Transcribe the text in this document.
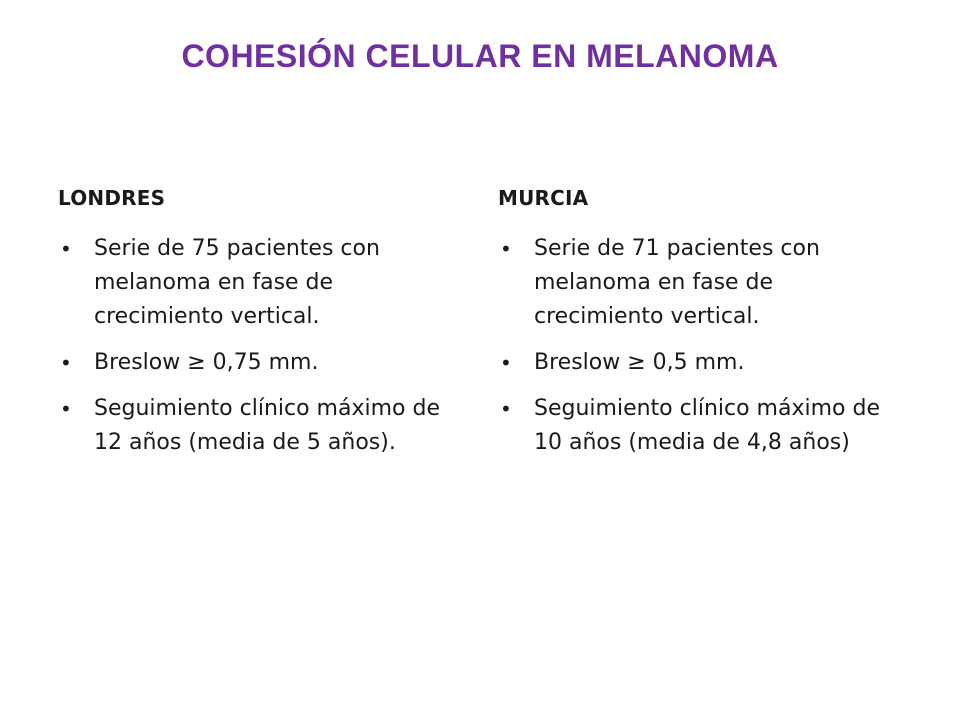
COHESIÓN CELULAR EN MELANOMA
LONDRES
• Serie de 75 pacientes con melanoma en fase de crecimiento vertical.
• Breslow ≥ 0,75 mm.
• Seguimiento clínico máximo de 12 años (media de 5 años).
MURCIA
• Serie de 71 pacientes con melanoma en fase de crecimiento vertical.
• Breslow ≥ 0,5 mm.
• Seguimiento clínico máximo de 10 años (media de 4,8 años)
